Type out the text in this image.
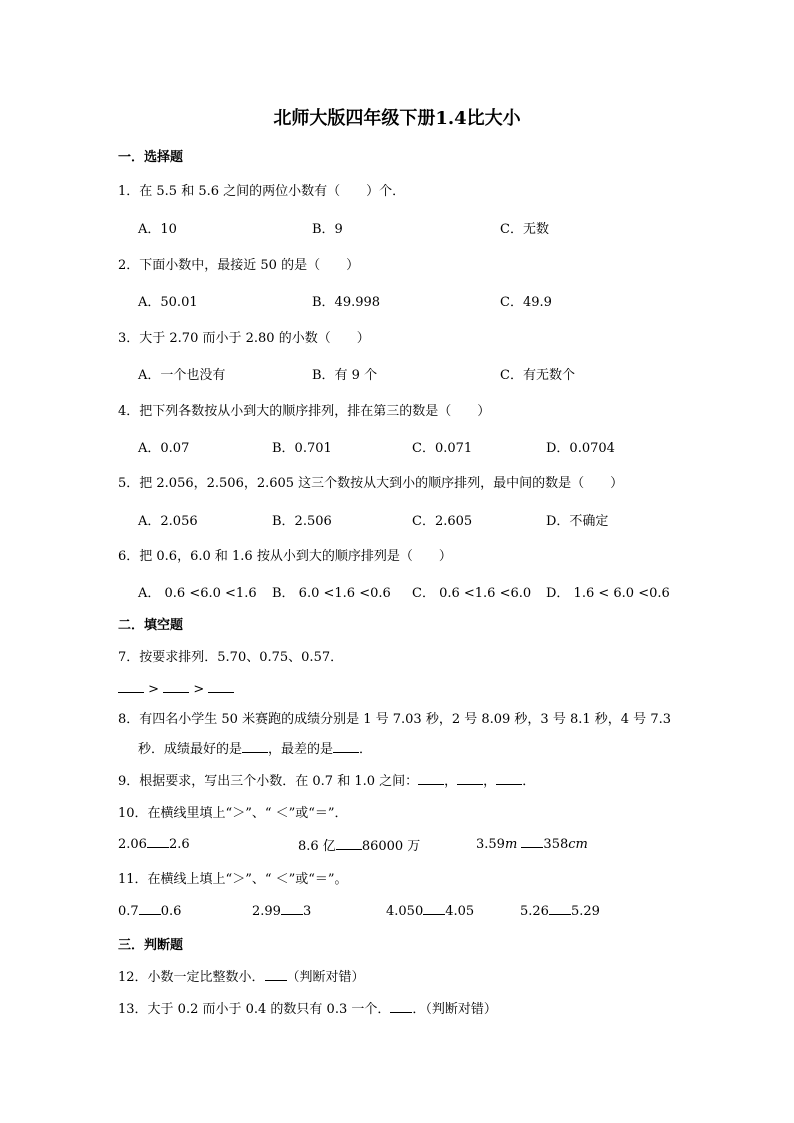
北师大版四年级下册1.4比大小
一．选择题
1．在 5.5 和 5.6 之间的两位小数有（　　）个．
A．10	B．9	C．无数
2．下面小数中，最接近 50 的是（　　）
A．50.01	B．49.998	C．49.9
3．大于 2.70 而小于 2.80 的小数（　　）
A．一个也没有	B．有 9 个	C．有无数个
4．把下列各数按从小到大的顺序排列，排在第三的数是（　　）
A．0.07	B．0.701	C．0.071	D．0.0704
5．把 2.056，2.506，2.605 这三个数按从大到小的顺序排列，最中间的数是（　　）
A．2.056	B．2.506	C．2.605	D．不确定
6．把 0.6，6.0 和 1.6 按从小到大的顺序排列是（　　）
A． 0.6 <6.0 <1.6 B． 6.0 <1.6 <0.6 C． 0.6 <1.6 <6.0 D． 1.6 < 6.0 <0.6
二．填空题
7．按要求排列．5.70、0.75、0.57．
>	>
8．有四名小学生 50 米赛跑的成绩分别是 1 号 7.03 秒，2 号 8.09 秒，3 号 8.1 秒，4 号 7.3
秒．成绩最好的是 ，最差的是 ．
9．根据要求，写出三个小数．在 0.7 和 1.0 之间： ， ， ．
10．在横线里填上“＞”、“ ＜”或“＝”．
2.06 2.6	8.6 亿 86000 万	3.59m 358cm
11．在横线上填上“＞”、“ ＜”或“＝”。
0.7 0.6	2.99 3	4.050 4.05	5.26 5.29
三．判断题
12．小数一定比整数小． （判断对错）
13．大于 0.2 而小于 0.4 的数只有 0.3 一个． ．（判断对错）
